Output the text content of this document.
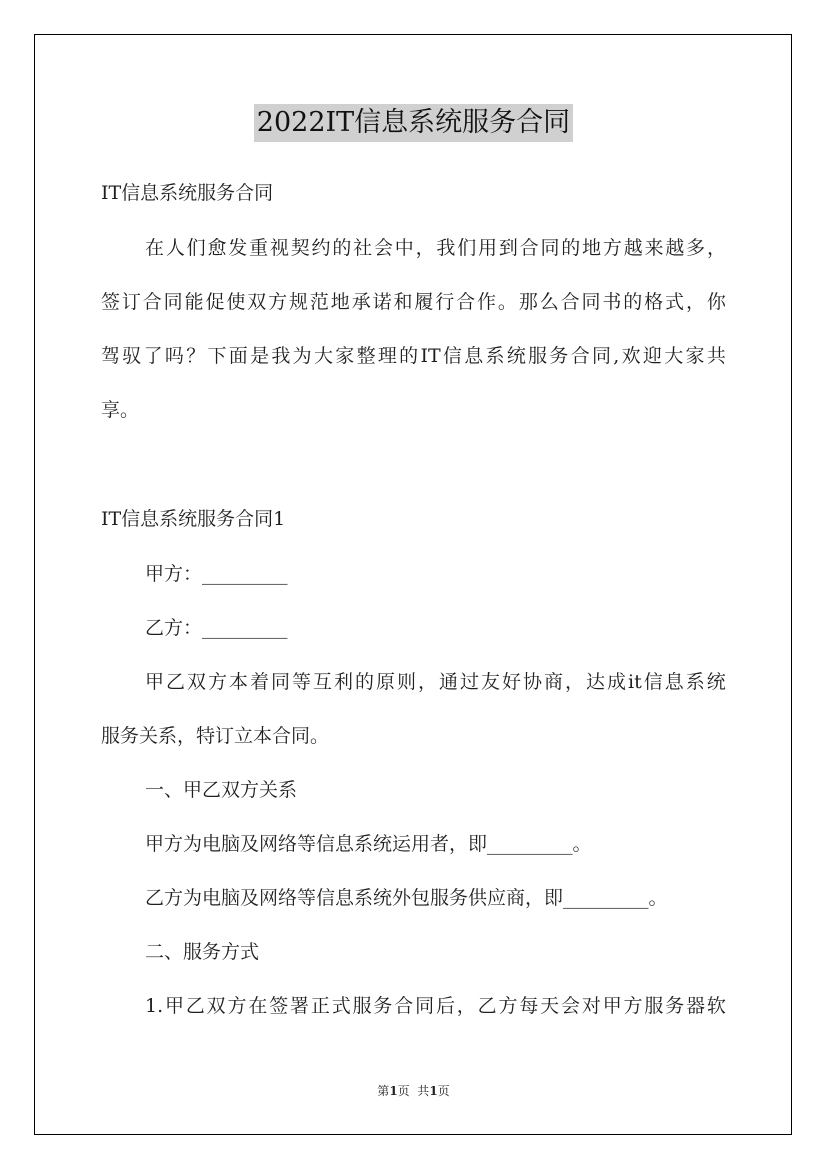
2022IT信息系统服务合同
IT信息系统服务合同
在 人 们 愈 发 重 视 契 约 的 社 会 中 ， 我 们 用 到 合 同 的 地 方 越 来 越 多 ，
签 订 合 同 能 促 使 双 方 规 范 地 承 诺 和 履 行 合 作 。 那 么 合 同 书 的 格 式 ， 你
驾 驭 了 吗 ？ 下 面 是 我 为 大 家 整 理 的 IT 信 息 系 统 服 务 合 同 , 欢 迎 大 家 共
享。
IT信息系统服务合同1
甲方：_________
乙方：_________
甲 乙 双 方 本 着 同 等 互 利 的 原 则 ， 通 过 友 好 协 商 ， 达 成 it 信 息 系 统
服务关系，特订立本合同。
一、甲乙双方关系
甲方为电脑及网络等信息系统运用者，即_________。
乙方为电脑及网络等信息系统外包服务供应商，即_________。
二、服务方式
1. 甲 乙 双 方 在 签 署 正 式 服 务 合 同 后 ， 乙 方 每 天 会 对 甲 方 服 务 器 软
第1页  共1页
